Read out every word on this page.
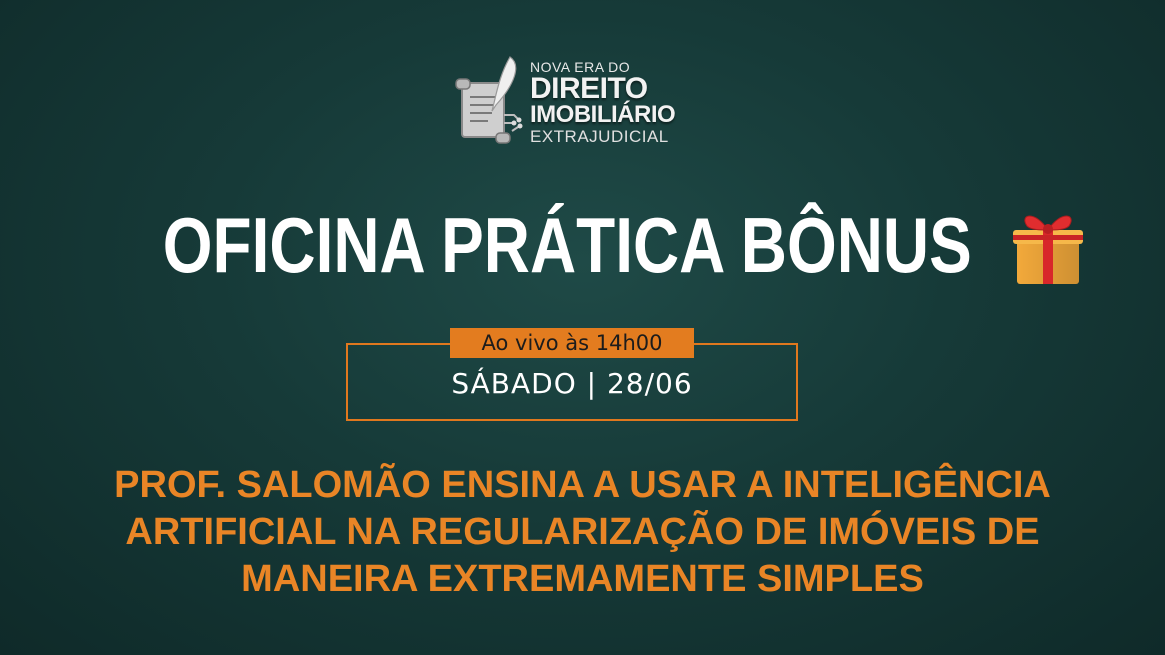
NOVA ERA DO
DIREITO
IMOBILIÁRIO
EXTRAJUDICIAL
OFICINA PRÁTICA BÔNUS
Ao vivo às 14h00
SÁBADO | 28/06
PROF. SALOMÃO ENSINA A USAR A INTELIGÊNCIA
ARTIFICIAL NA REGULARIZAÇÃO DE IMÓVEIS DE
MANEIRA EXTREMAMENTE SIMPLES
